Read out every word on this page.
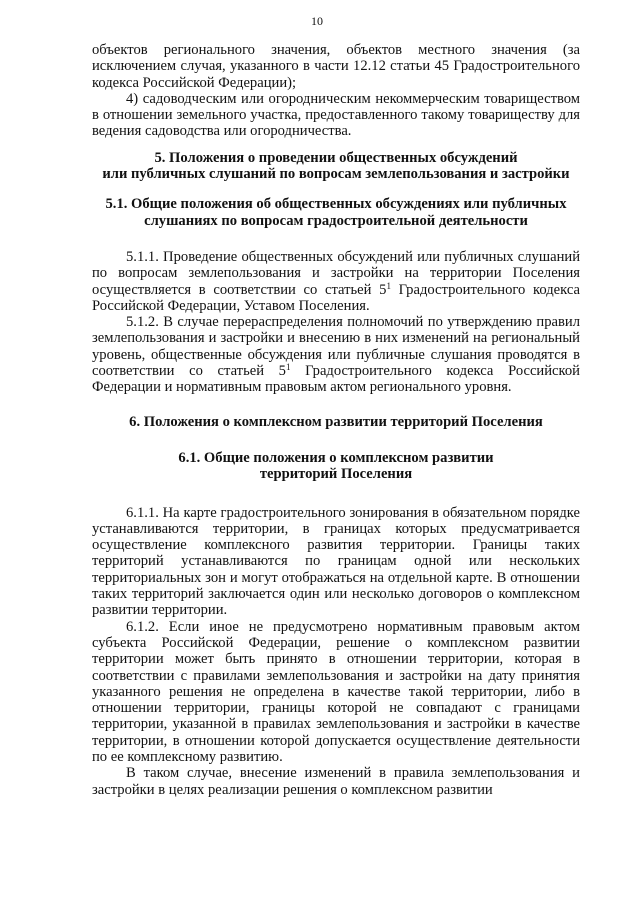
10

объектов регионального значения, объектов местного значения (за исключением случая, указанного в части 12.12 статьи 45 Градостроительного кодекса Российской Федерации);

4) садоводческим или огородническим некоммерческим товариществом в отношении земельного участка, предоставленного такому товариществу для ведения садоводства или огородничества.

5. Положения о проведении общественных обсуждений
или публичных слушаний по вопросам землепользования и застройки
5.1. Общие положения об общественных обсуждениях или публичных
слушаниях по вопросам градостроительной деятельности

5.1.1. Проведение общественных обсуждений или публичных слушаний по вопросам землепользования и застройки на территории Поселения осуществляется в соответствии со статьей $5^1$ Градостроительного кодекса Российской Федерации, Уставом Поселения.

5.1.2. В случае перераспределения полномочий по утверждению правил землепользования и застройки и внесению в них изменений на региональный уровень, общественные обсуждения или публичные слушания проводятся в соответствии со статьей $5^1$ Градостроительного кодекса Российской Федерации и нормативным правовым актом регионального уровня.

6. Положения о комплексном развитии территорий Поселения
6.1. Общие положения о комплексном развитии
территорий Поселения

6.1.1. На карте градостроительного зонирования в обязательном порядке устанавливаются территории, в границах которых предусматривается осуществление комплексного развития территории. Границы таких территорий устанавливаются по границам одной или нескольких территориальных зон и могут отображаться на отдельной карте. В отношении таких территорий заключается один или несколько договоров о комплексном развитии территории.

6.1.2. Если иное не предусмотрено нормативным правовым актом субъекта Российской Федерации, решение о комплексном развитии территории может быть принято в отношении территории, которая в соответствии с правилами землепользования и застройки на дату принятия указанного решения не определена в качестве такой территории, либо в отношении территории, границы которой не совпадают с границами территории, указанной в правилах землепользования и застройки в качестве территории, в отношении которой допускается осуществление деятельности по ее комплексному развитию.

В таком случае, внесение изменений в правила землепользования и застройки в целях реализации решения о комплексном развитии
